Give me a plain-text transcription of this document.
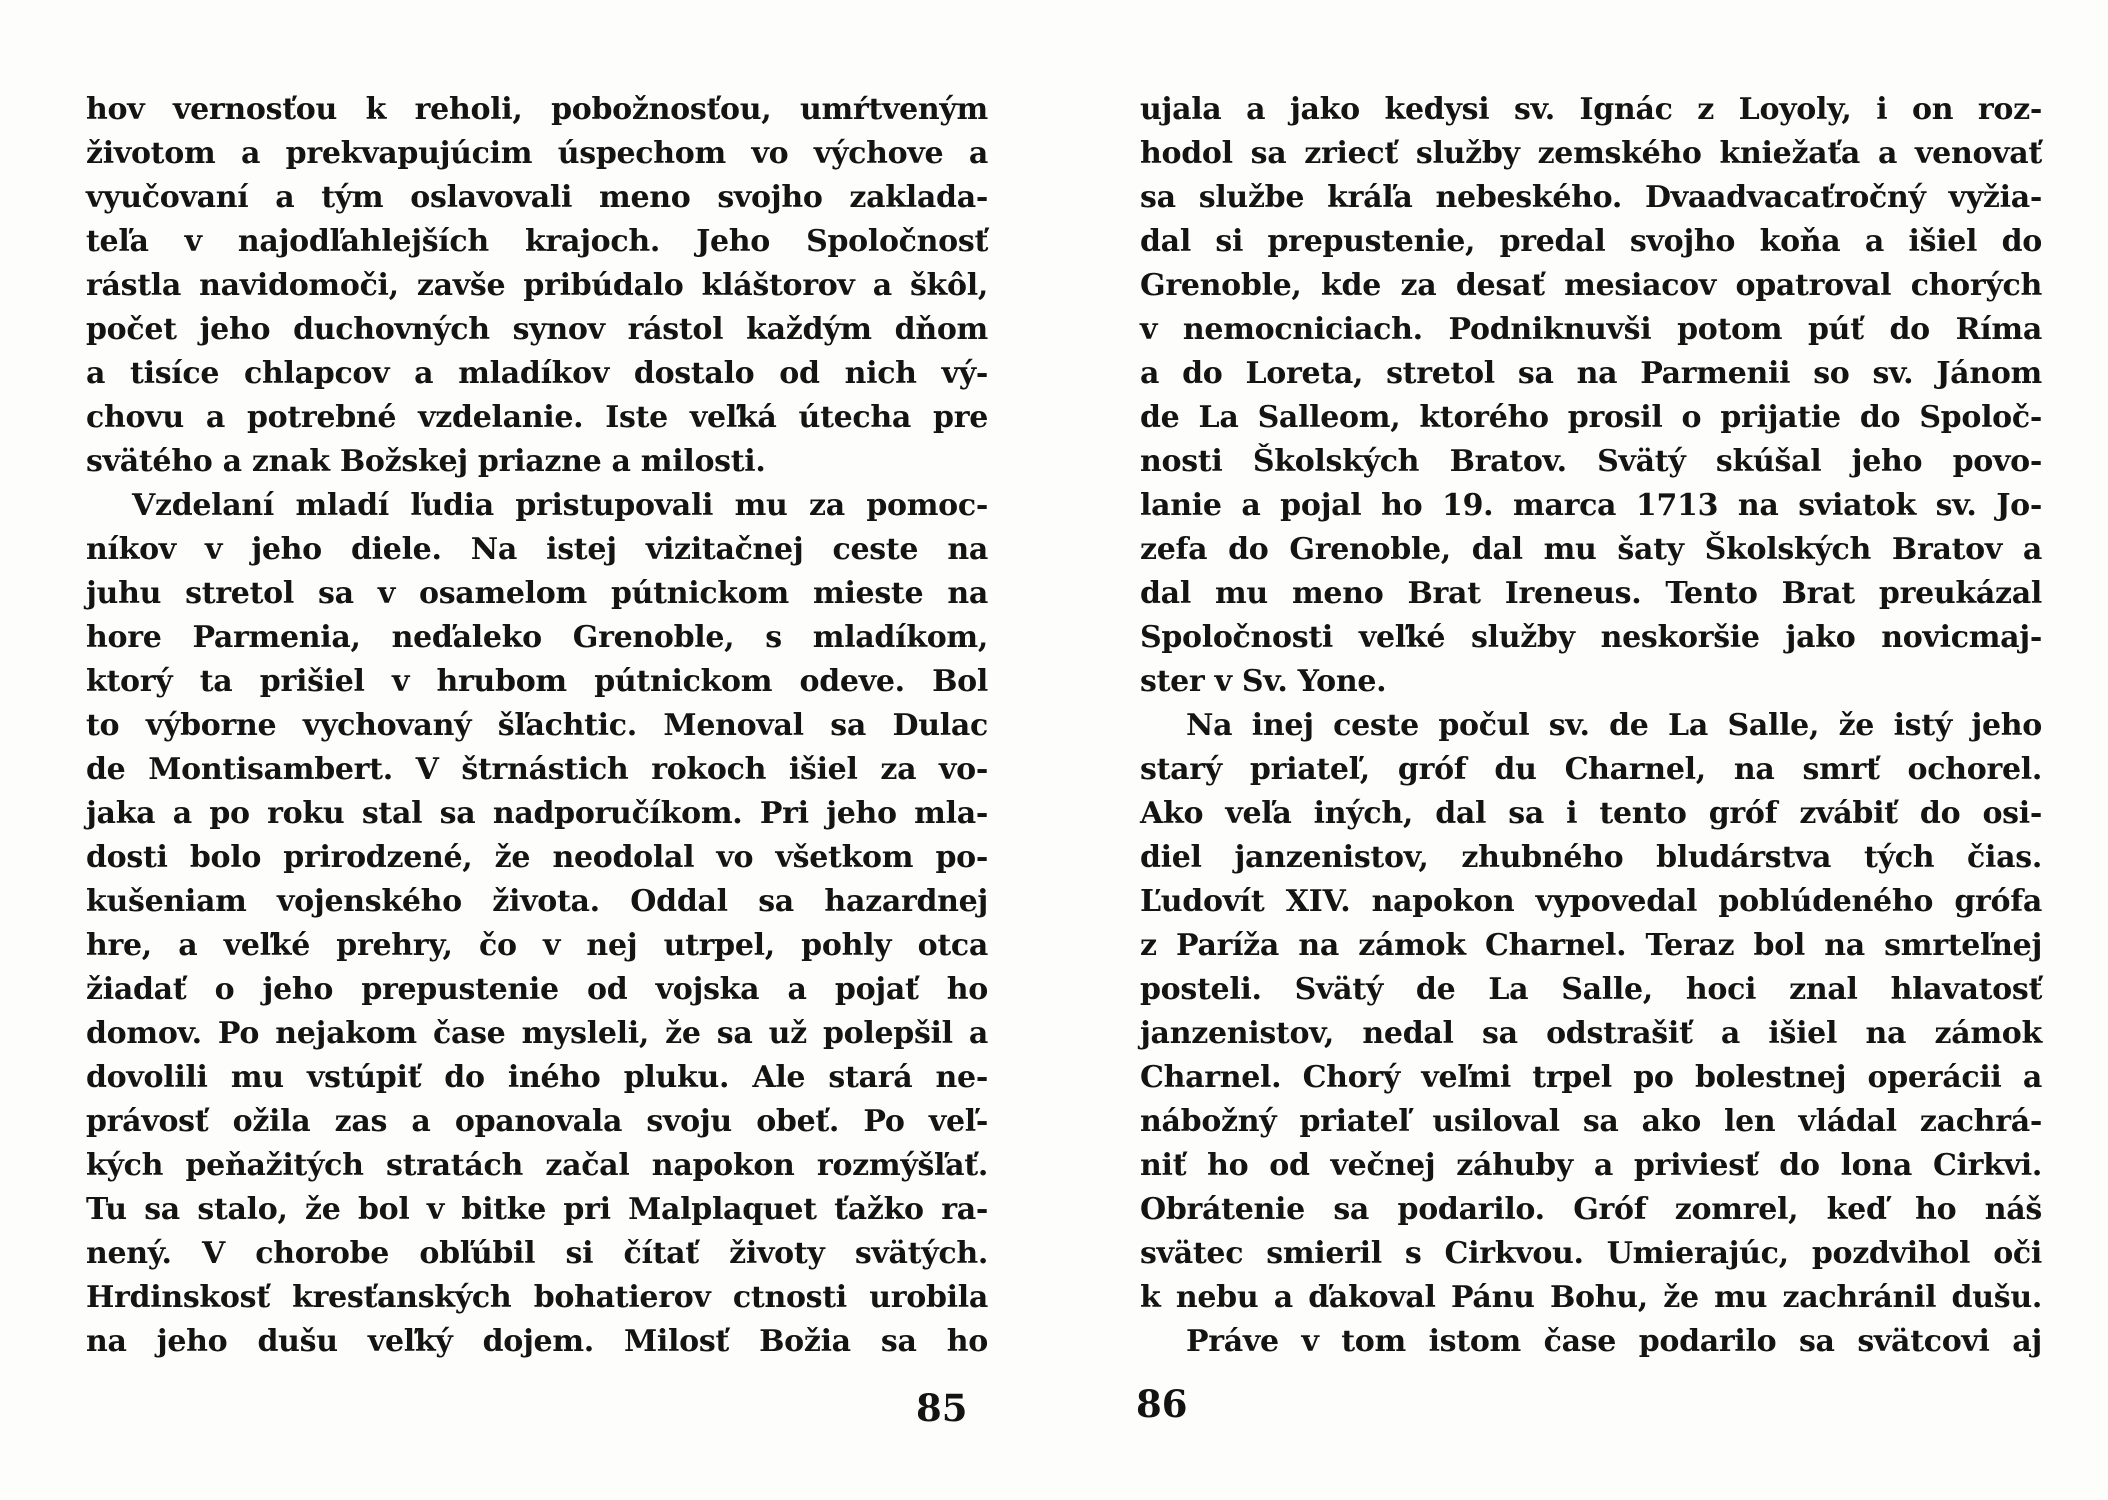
hov vernosťou k reholi, pobožnosťou, umŕtveným
životom a prekvapujúcim úspechom vo výchove a
vyučovaní a tým oslavovali meno svojho zaklada-
teľa v najodľahlejších krajoch. Jeho Spoločnosť
rástla navidomoči, zavše pribúdalo kláštorov a škôl,
počet jeho duchovných synov rástol každým dňom
a tisíce chlapcov a mladíkov dostalo od nich vý-
chovu a potrebné vzdelanie. Iste veľká útecha pre
svätého a znak Božskej priazne a milosti.
Vzdelaní mladí ľudia pristupovali mu za pomoc-
níkov v jeho diele. Na istej vizitačnej ceste na
juhu stretol sa v osamelom pútnickom mieste na
hore Parmenia, neďaleko Grenoble, s mladíkom,
ktorý ta prišiel v hrubom pútnickom odeve. Bol
to výborne vychovaný šľachtic. Menoval sa Dulac
de Montisambert. V štrnástich rokoch išiel za vo-
jaka a po roku stal sa nadporučíkom. Pri jeho mla-
dosti bolo prirodzené, že neodolal vo všetkom po-
kušeniam vojenského života. Oddal sa hazardnej
hre, a veľké prehry, čo v nej utrpel, pohly otca
žiadať o jeho prepustenie od vojska a pojať ho
domov. Po nejakom čase mysleli, že sa už polepšil a
dovolili mu vstúpiť do iného pluku. Ale stará ne-
právosť ožila zas a opanovala svoju obeť. Po veľ-
kých peňažitých stratách začal napokon rozmýšľať.
Tu sa stalo, že bol v bitke pri Malplaquet ťažko ra-
nený. V chorobe obľúbil si čítať životy svätých.
Hrdinskosť kresťanských bohatierov ctnosti urobila
na jeho dušu veľký dojem. Milosť Božia sa ho
ujala a jako kedysi sv. Ignác z Loyoly, i on roz-
hodol sa zriecť služby zemského kniežaťa a venovať
sa službe kráľa nebeského. Dvaadvacaťročný vyžia-
dal si prepustenie, predal svojho koňa a išiel do
Grenoble, kde za desať mesiacov opatroval chorých
v nemocniciach. Podniknuvši potom púť do Ríma
a do Loreta, stretol sa na Parmenii so sv. Jánom
de La Salleom, ktorého prosil o prijatie do Spoloč-
nosti Školských Bratov. Svätý skúšal jeho povo-
lanie a pojal ho 19. marca 1713 na sviatok sv. Jo-
zefa do Grenoble, dal mu šaty Školských Bratov a
dal mu meno Brat Ireneus. Tento Brat preukázal
Spoločnosti veľké služby neskoršie jako novicmaj-
ster v Sv. Yone.
Na inej ceste počul sv. de La Salle, že istý jeho
starý priateľ, gróf du Charnel, na smrť ochorel.
Ako veľa iných, dal sa i tento gróf zvábiť do osi-
diel janzenistov, zhubného bludárstva tých čias.
Ľudovít XIV. napokon vypovedal poblúdeného grófa
z Paríža na zámok Charnel. Teraz bol na smrteľnej
posteli. Svätý de La Salle, hoci znal hlavatosť
janzenistov, nedal sa odstrašiť a išiel na zámok
Charnel. Chorý veľmi trpel po bolestnej operácii a
nábožný priateľ usiloval sa ako len vládal zachrá-
niť ho od večnej záhuby a priviesť do lona Cirkvi.
Obrátenie sa podarilo. Gróf zomrel, keď ho náš
svätec smieril s Cirkvou. Umierajúc, pozdvihol oči
k nebu a ďakoval Pánu Bohu, že mu zachránil dušu.
Práve v tom istom čase podarilo sa svätcovi aj
85	86
